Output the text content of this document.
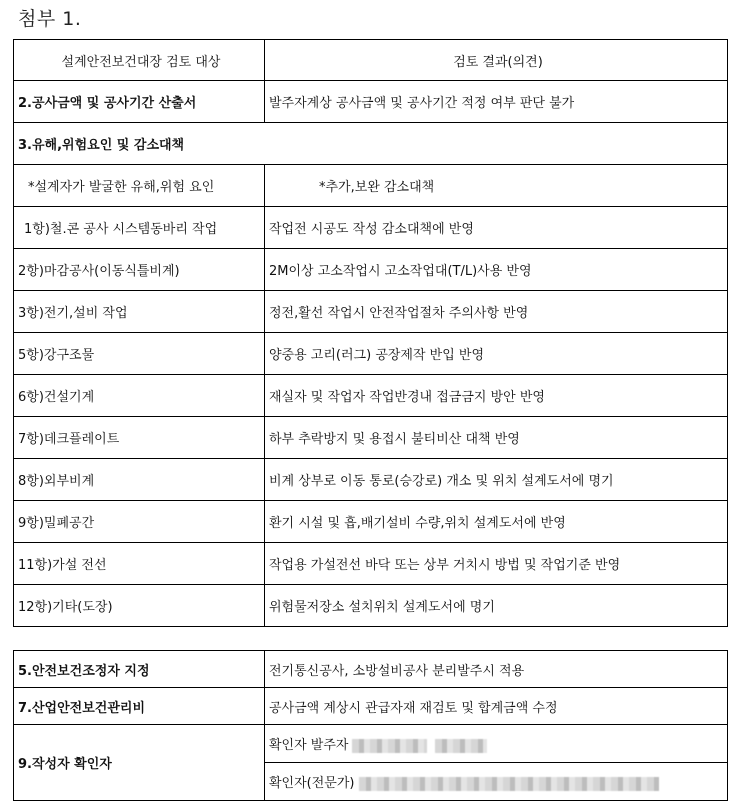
첨부 1.
설계안전보건대장 검토 대상	검토 결과(의견)
2.공사금액 및 공사기간 산출서	발주자계상 공사금액 및 공사기간 적정 여부 판단 불가
3.유해,위험요인 및 감소대책	
*설계자가 발굴한 유해,위험 요인	*추가,보완 감소대책
1항)철.콘 공사 시스템동바리 작업	작업전 시공도 작성 감소대책에 반영
2항)마감공사(이동식틀비계)	2M이상 고소작업시 고소작업대(T/L)사용 반영
3항)전기,설비 작업	정전,활선 작업시 안전작업절차 주의사항 반영
5항)강구조물	양중용 고리(러그) 공장제작 반입 반영
6항)건설기계	재실자 및 작업자 작업반경내 접금금지 방안 반영
7항)데크플레이트	하부 추락방지 및 용접시 불티비산 대책 반영
8항)외부비계	비계 상부로 이동 통로(승강로) 개소 및 위치 설계도서에 명기
9항)밀폐공간	환기 시설 및 흡,배기설비 수량,위치 설계도서에 반영
11항)가설 전선	작업용 가설전선 바닥 또는 상부 거치시 방법 및 작업기준 반영
12항)기타(도장)	위험물저장소 설치위치 설계도서에 명기
5.안전보건조정자 지정	전기통신공사, 소방설비공사 분리발주시 적용
7.산업안전보건관리비	공사금액 계상시 관급자재 재검토 및 합계금액 수정
9.작성자 확인자	확인자 발주자
	확인자(전문가)
